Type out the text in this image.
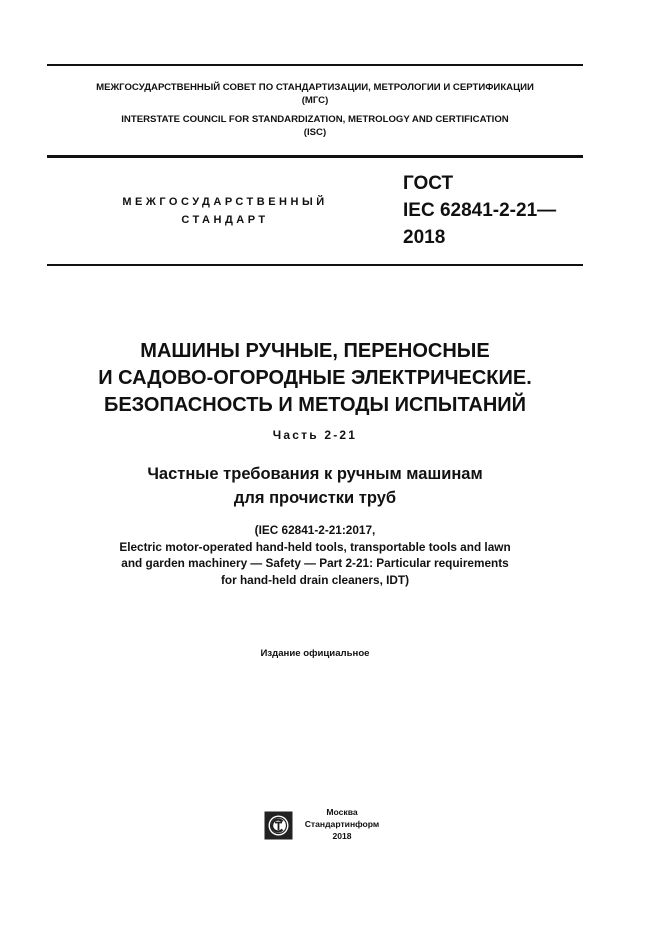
МЕЖГОСУДАРСТВЕННЫЙ СОВЕТ ПО СТАНДАРТИЗАЦИИ, МЕТРОЛОГИИ И СЕРТИФИКАЦИИ
(МГС)
INTERSTATE COUNCIL FOR STANDARDIZATION, METROLOGY AND CERTIFICATION
(ISC)
МЕЖГОСУДАРСТВЕННЫЙ
СТАНДАРТ
ГОСТ
IEC 62841-2-21—
2018
МАШИНЫ РУЧНЫЕ, ПЕРЕНОСНЫЕ
И САДОВО-ОГОРОДНЫЕ ЭЛЕКТРИЧЕСКИЕ.
БЕЗОПАСНОСТЬ И МЕТОДЫ ИСПЫТАНИЙ
Часть 2-21
Частные требования к ручным машинам
для прочистки труб
(IEC 62841-2-21:2017,
Electric motor-operated hand-held tools, transportable tools and lawn
and garden machinery — Safety — Part 2-21: Particular requirements
for hand-held drain cleaners, IDT)
Издание официальное
Москва
Стандартинформ
2018
